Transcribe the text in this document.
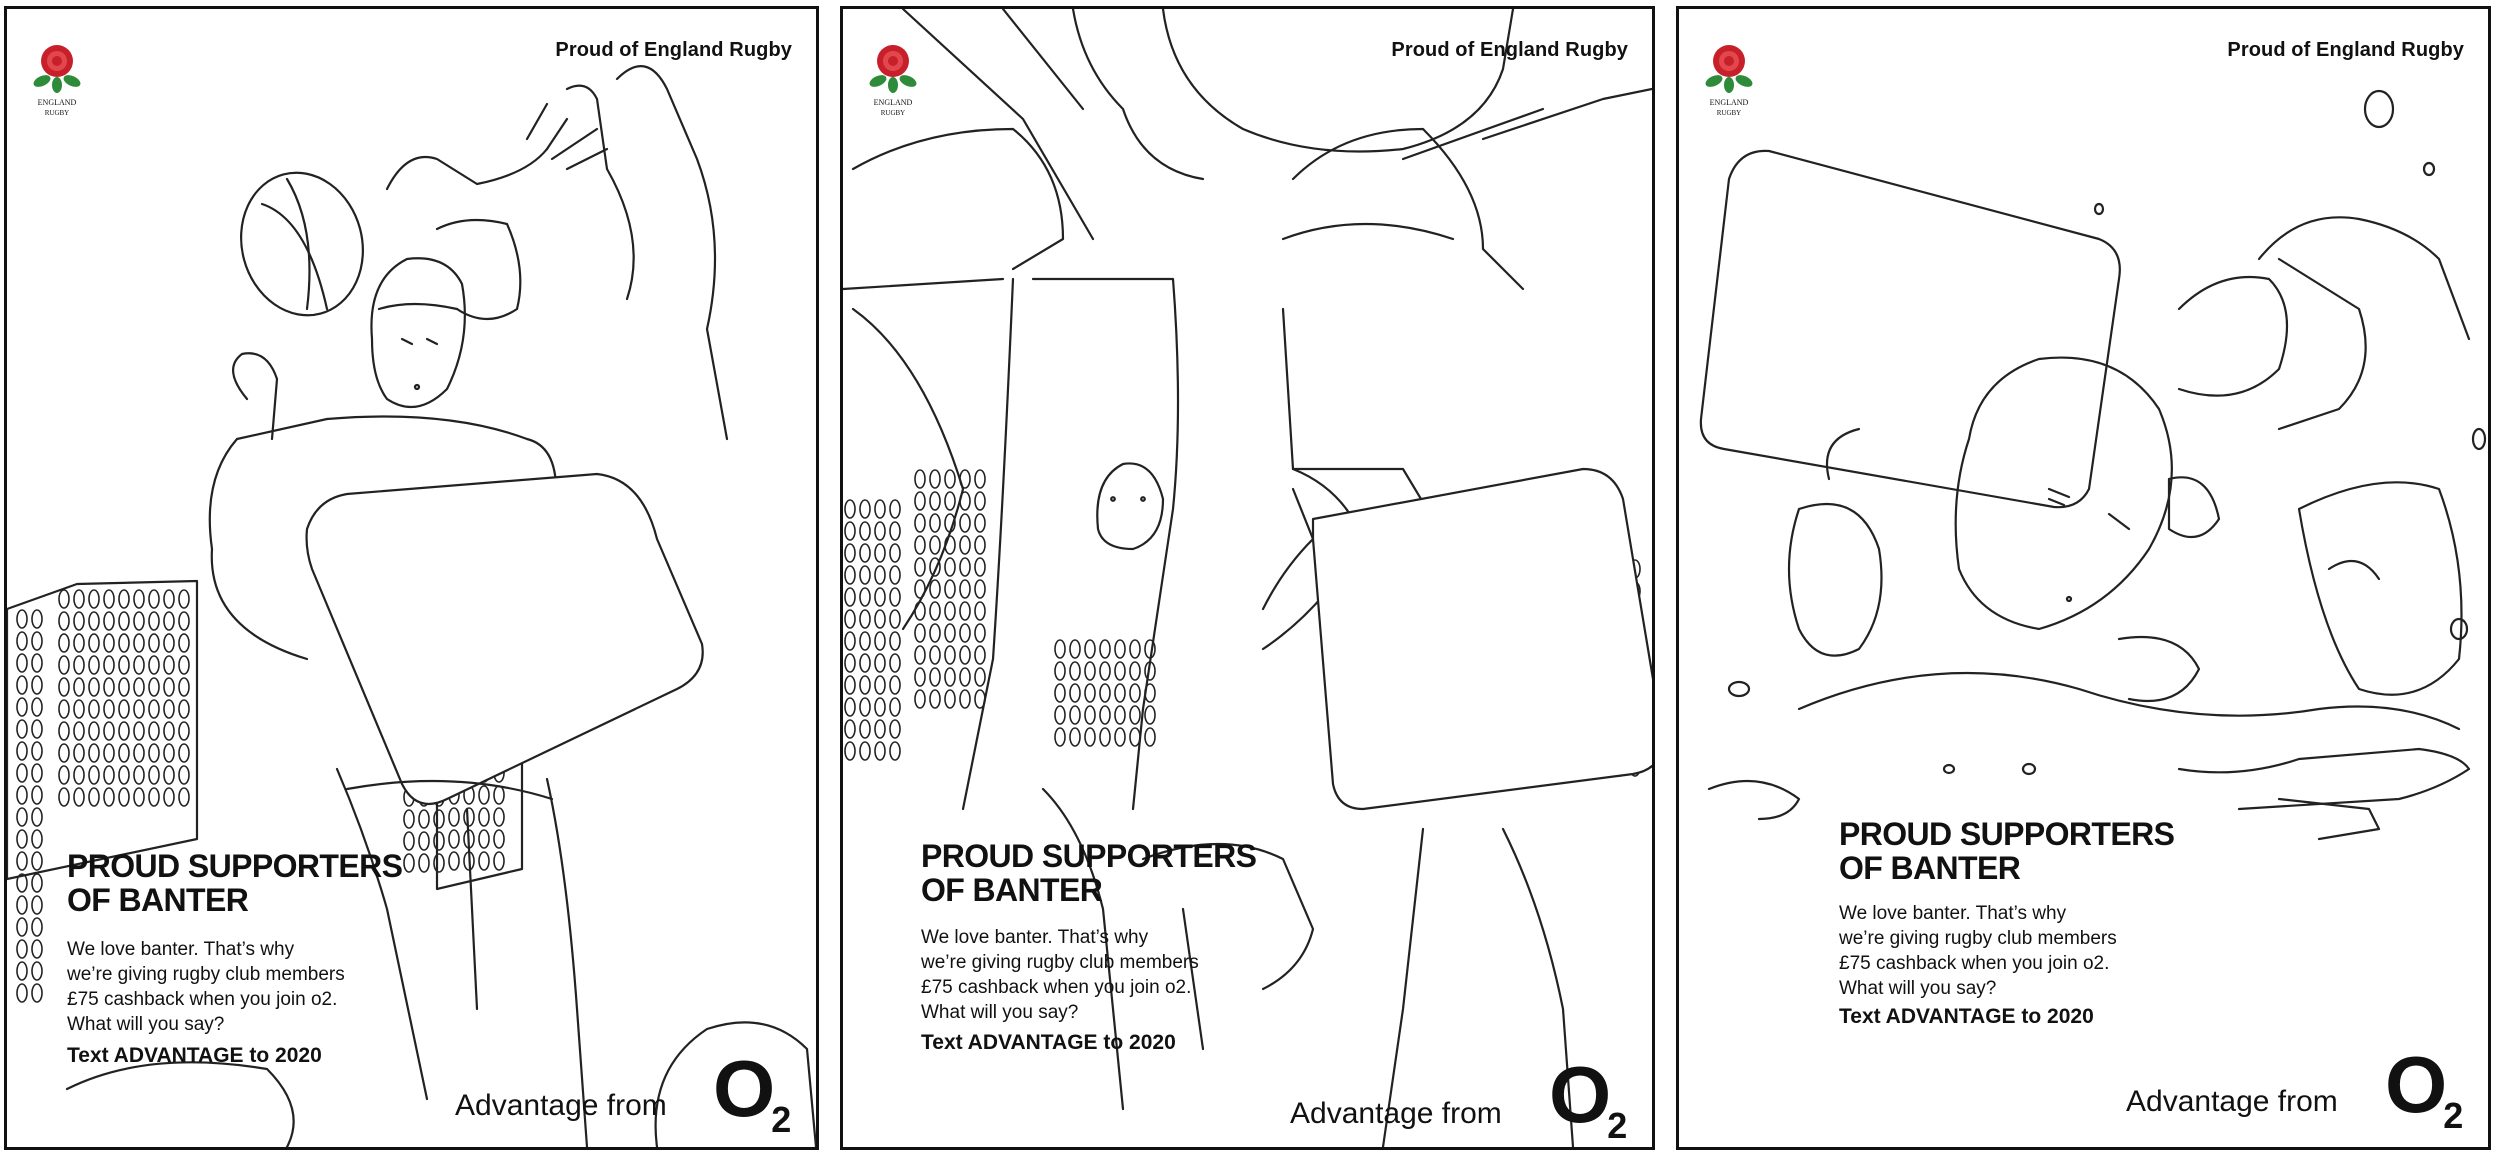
Proud of England Rugby
ENGLAND
RUGBY
PROUD SUPPORTERS
OF BANTER
We love banter. That’s why
we’re giving rugby club members
£75 cashback when you join o2.
What will you say?
Text ADVANTAGE to 2020
Advantage from $O_2$
Proud of England Rugby
ENGLAND
RUGBY
PROUD SUPPORTERS
OF BANTER
We love banter. That’s why
we’re giving rugby club members
£75 cashback when you join o2.
What will you say?
Text ADVANTAGE to 2020
Advantage from $O_2$
Proud of England Rugby
ENGLAND
RUGBY
PROUD SUPPORTERS
OF BANTER
We love banter. That’s why
we’re giving rugby club members
£75 cashback when you join o2.
What will you say?
Text ADVANTAGE to 2020
Advantage from $O_2$
